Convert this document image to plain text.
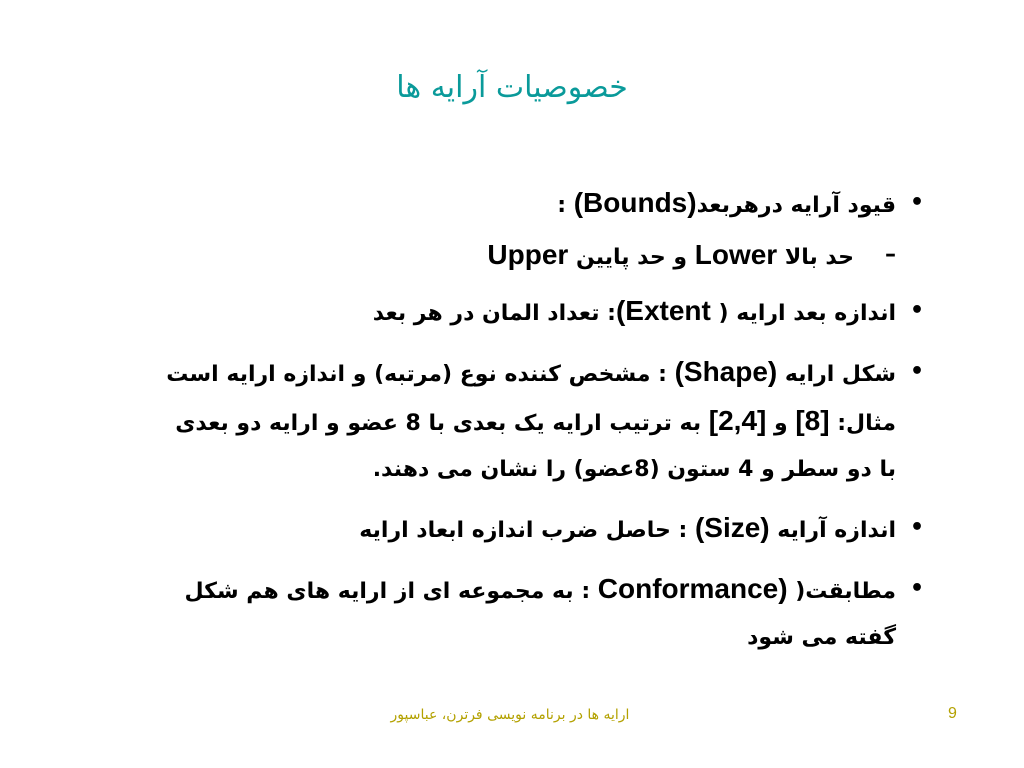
خصوصیات آرایه ها
•
قیود آرایه درهربعد(Bounds) :
–
حد بالا Lower و حد پایین Upper
•
اندازه بعد ارایه ( (Extent: تعداد المان در هر بعد
•
شکل ارایه (Shape) : مشخص کننده نوع (مرتبه) و اندازه ارایه است
مثال: [8] و [2,4] به ترتیب ارایه یک بعدی با 8 عضو و ارایه دو بعدی
با دو سطر و 4 ستون (8عضو) را نشان می دهند.
•
اندازه آرایه (Size) : حاصل ضرب اندازه ابعاد ارایه
•
مطابقت( Conformance) : به مجموعه ای از ارایه های هم شکل
گفته می شود
ارایه ها در برنامه نویسی فرترن، عباسپور	9
